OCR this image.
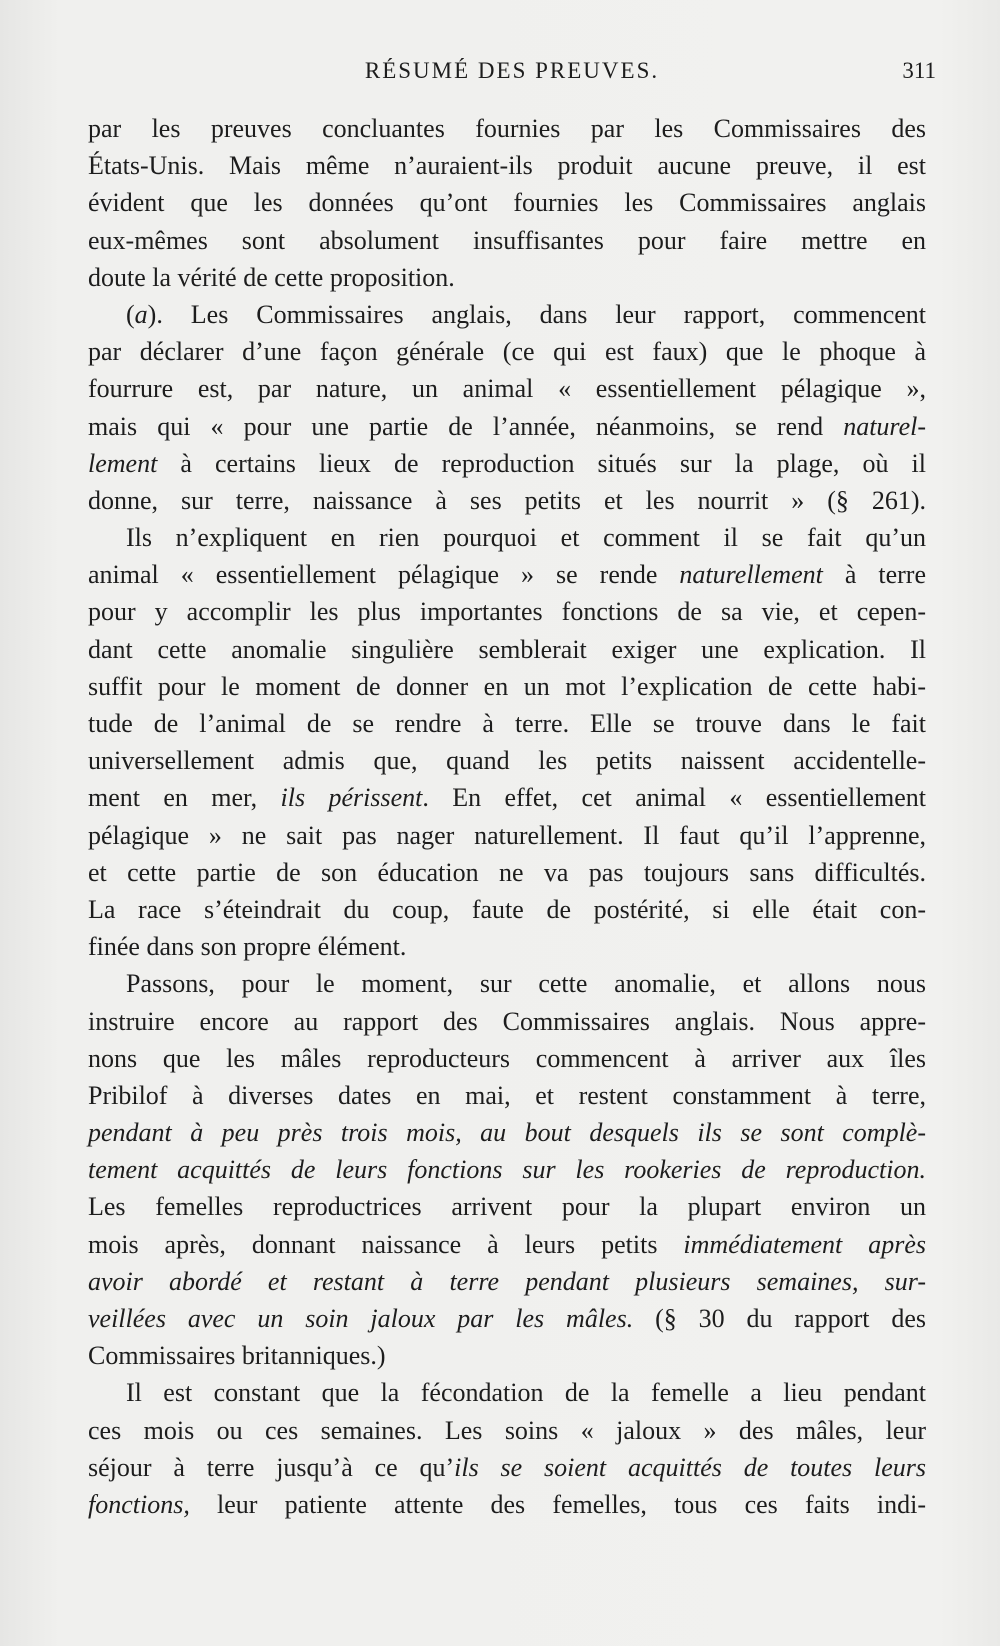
RÉSUMÉ DES PREUVES.	311
par les preuves concluantes fournies par les Commissaires des
États-Unis. Mais même n’auraient-ils produit aucune preuve, il est
évident que les données qu’ont fournies les Commissaires anglais
eux-mêmes sont absolument insuffisantes pour faire mettre en
doute la vérité de cette proposition.
(a). Les Commissaires anglais, dans leur rapport, commencent
par déclarer d’une façon générale (ce qui est faux) que le phoque à
fourrure est, par nature, un animal « essentiellement pélagique »,
mais qui « pour une partie de l’année, néanmoins, se rend naturel-
lement à certains lieux de reproduction situés sur la plage, où il
donne, sur terre, naissance à ses petits et les nourrit » (§ 261).
Ils n’expliquent en rien pourquoi et comment il se fait qu’un
animal « essentiellement pélagique » se rende naturellement à terre
pour y accomplir les plus importantes fonctions de sa vie, et cepen-
dant cette anomalie singulière semblerait exiger une explication. Il
suffit pour le moment de donner en un mot l’explication de cette habi-
tude de l’animal de se rendre à terre. Elle se trouve dans le fait
universellement admis que, quand les petits naissent accidentelle-
ment en mer, ils périssent. En effet, cet animal « essentiellement
pélagique » ne sait pas nager naturellement. Il faut qu’il l’apprenne,
et cette partie de son éducation ne va pas toujours sans difficultés.
La race s’éteindrait du coup, faute de postérité, si elle était con-
finée dans son propre élément.
Passons, pour le moment, sur cette anomalie, et allons nous
instruire encore au rapport des Commissaires anglais. Nous appre-
nons que les mâles reproducteurs commencent à arriver aux îles
Pribilof à diverses dates en mai, et restent constamment à terre,
pendant à peu près trois mois, au bout desquels ils se sont complè-
tement acquittés de leurs fonctions sur les rookeries de reproduction.
Les femelles reproductrices arrivent pour la plupart environ un
mois après, donnant naissance à leurs petits immédiatement après
avoir abordé et restant à terre pendant plusieurs semaines, sur-
veillées avec un soin jaloux par les mâles. (§ 30 du rapport des
Commissaires britanniques.)
Il est constant que la fécondation de la femelle a lieu pendant
ces mois ou ces semaines. Les soins « jaloux » des mâles, leur
séjour à terre jusqu’à ce qu’ils se soient acquittés de toutes leurs
fonctions, leur patiente attente des femelles, tous ces faits indi-
